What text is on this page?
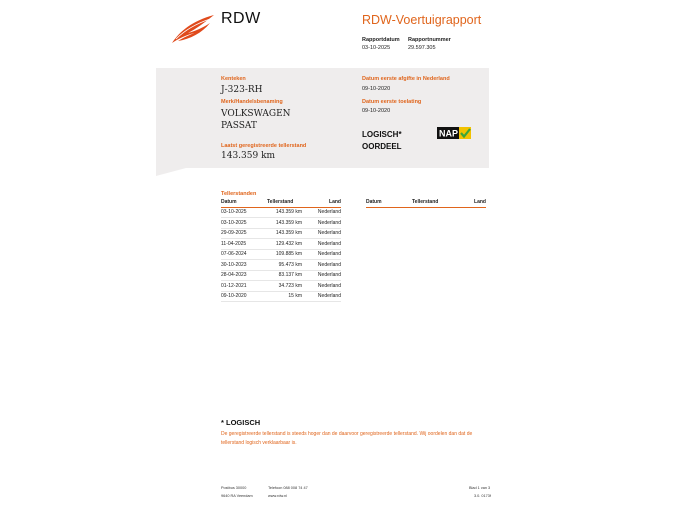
RDW	RDW-Voertuigrapport
Rapportdatum
03-10-2025
Rapportnummer
29.597.305
Kenteken
J-323-RH
Merk/Handelsbenaming
VOLKSWAGEN
PASSAT
Laatst geregistreerde tellerstand
143.359 km
Datum eerste afgifte in Nederland
09-10-2020
Datum eerste toelating
09-10-2020
LOGISCH*
OORDEEL
NAP
Tellerstanden
Datum	Tellerstand	Land
03-10-2025	143.359 km	Nederland
03-10-2025	143.359 km	Nederland
29-09-2025	143.359 km	Nederland
11-04-2025	129.432 km	Nederland
07-06-2024	109.885 km	Nederland
30-10-2023	95.473 km	Nederland
28-04-2023	83.137 km	Nederland
01-12-2021	34.723 km	Nederland
09-10-2020	15 km	Nederland
Datum	Tellerstand	Land
* LOGISCH
De geregistreerde tellerstand is steeds hoger dan de daarvoor geregistreerde tellerstand. Wij oordelen dan dat de tellerstand logisch verklaarbaar is.
Postbus 30000
9640 RA Veendam
Telefoon 088 008 74 47
www.rdw.nl
Blad 1 van 3
3.0. 0173f
